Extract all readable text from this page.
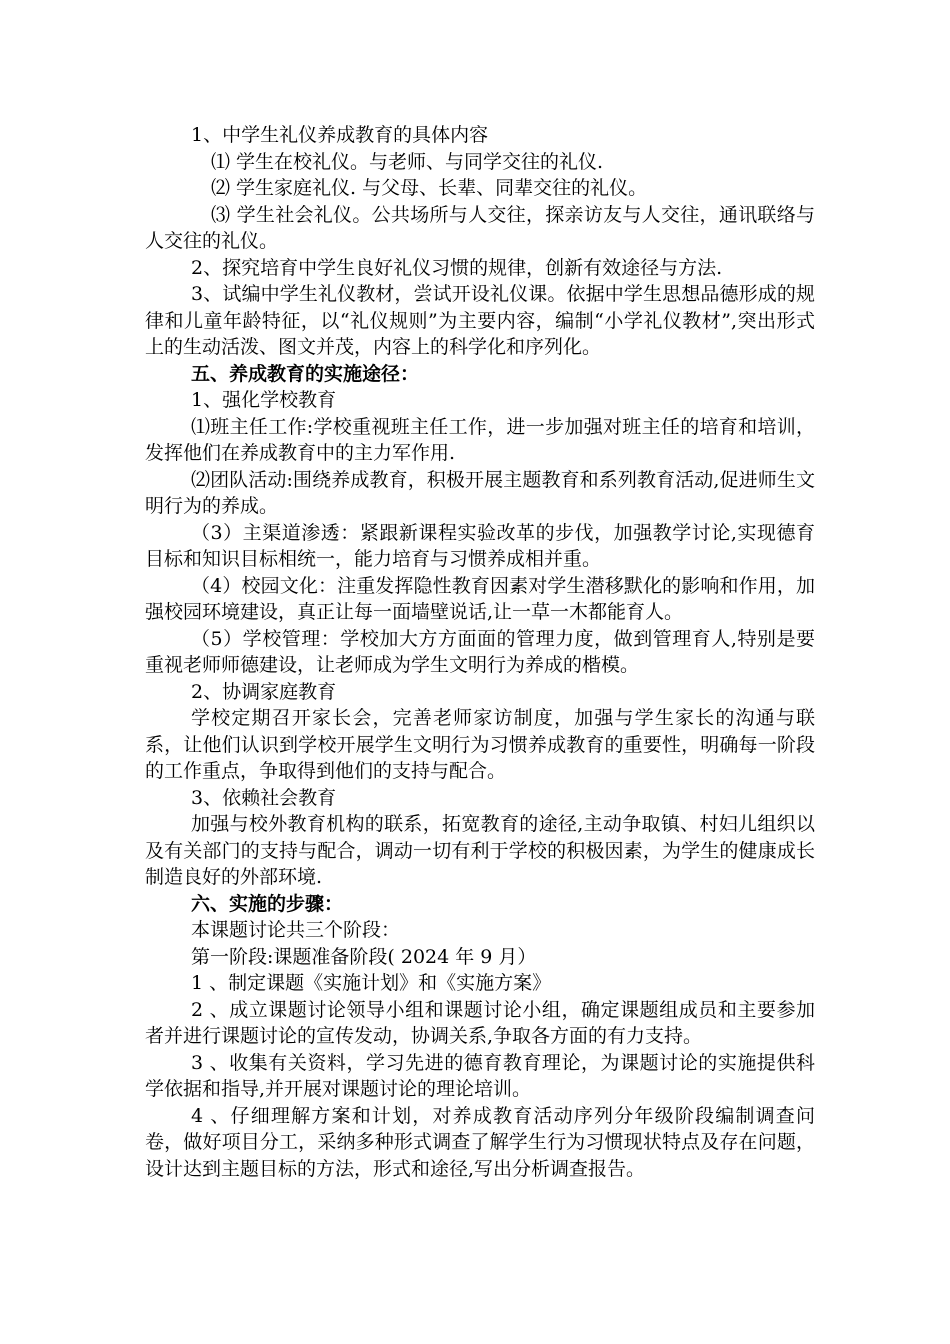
1、中学生礼仪养成教育的具体内容

⑴ 学生在校礼仪。与老师、与同学交往的礼仪.

⑵ 学生家庭礼仪. 与父母、长辈、同辈交往的礼仪。

⑶ 学生社会礼仪。公共场所与人交往，探亲访友与人交往，通讯联络与人交往的礼仪。

2、探究培育中学生良好礼仪习惯的规律，创新有效途径与方法.

3、试编中学生礼仪教材，尝试开设礼仪课。依据中学生思想品德形成的规律和儿童年龄特征，以“礼仪规则”为主要内容，编制“小学礼仪教材”,突出形式上的生动活泼、图文并茂，内容上的科学化和序列化。

五、养成教育的实施途径：

1、强化学校教育

⑴班主任工作:学校重视班主任工作，进一步加强对班主任的培育和培训，发挥他们在养成教育中的主力军作用.

⑵团队活动:围绕养成教育，积极开展主题教育和系列教育活动,促进师生文明行为的养成。

（3）主渠道渗透：紧跟新课程实验改革的步伐，加强教学讨论,实现德育目标和知识目标相统一，能力培育与习惯养成相并重。

（4）校园文化：注重发挥隐性教育因素对学生潜移默化的影响和作用，加强校园环境建设，真正让每一面墙壁说话,让一草一木都能育人。

（5）学校管理：学校加大方方面面的管理力度，做到管理育人,特别是要重视老师师德建设，让老师成为学生文明行为养成的楷模。

2、协调家庭教育

学校定期召开家长会，完善老师家访制度，加强与学生家长的沟通与联系，让他们认识到学校开展学生文明行为习惯养成教育的重要性，明确每一阶段的工作重点，争取得到他们的支持与配合。

3、依赖社会教育

加强与校外教育机构的联系，拓宽教育的途径,主动争取镇、村妇儿组织以及有关部门的支持与配合，调动一切有利于学校的积极因素，为学生的健康成长制造良好的外部环境.

六、实施的步骤：

本课题讨论共三个阶段：

第一阶段:课题准备阶段( 2024 年 9 月）

1 、制定课题《实施计划》和《实施方案》

2 、成立课题讨论领导小组和课题讨论小组，确定课题组成员和主要参加者并进行课题讨论的宣传发动，协调关系,争取各方面的有力支持。

3 、收集有关资料，学习先进的德育教育理论，为课题讨论的实施提供科学依据和指导,并开展对课题讨论的理论培训。

4 、仔细理解方案和计划，对养成教育活动序列分年级阶段编制调查问卷，做好项目分工，采纳多种形式调查了解学生行为习惯现状特点及存在问题，设计达到主题目标的方法，形式和途径,写出分析调查报告。
